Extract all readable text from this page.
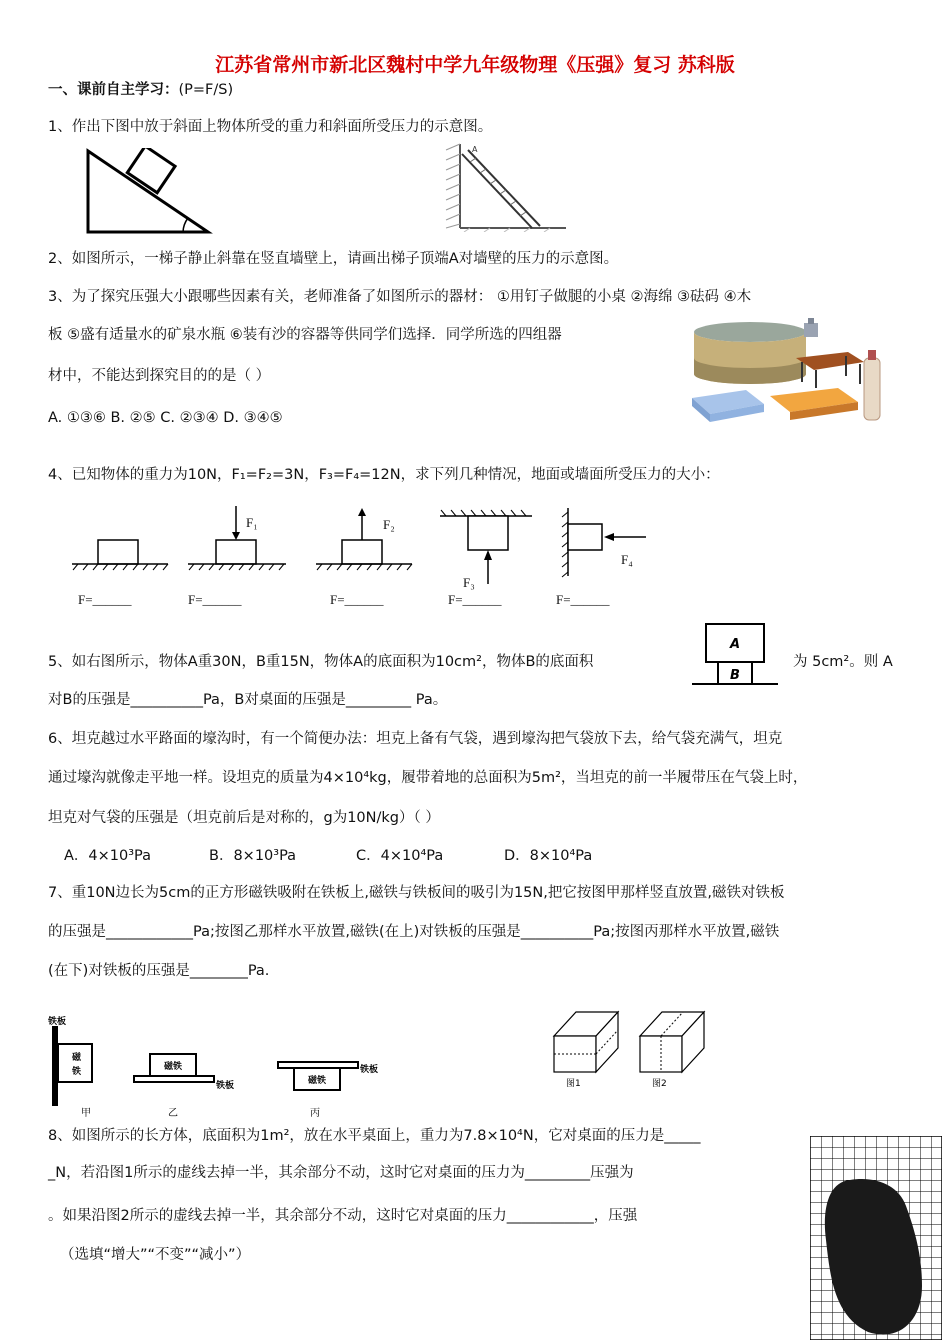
江苏省常州市新北区魏村中学九年级物理《压强》复习 苏科版
一、课前自主学习：(P=F/S)
1、作出下图中放于斜面上物体所受的重力和斜面所受压力的示意图。
A
2、如图所示，一梯子静止斜靠在竖直墙壁上，请画出梯子顶端A对墙壁的压力的示意图。
3、为了探究压强大小跟哪些因素有关，老师准备了如图所示的器材： ①用钉子做腿的小桌 ②海绵 ③砝码 ④木
板 ⑤盛有适量水的矿泉水瓶 ⑥装有沙的容器等供同学们选择．同学所选的四组器
材中，不能达到探究目的的是（ ）
A. ①③⑥ B. ②⑤ C. ②③④ D. ③④⑤
4、已知物体的重力为10N，F₁=F₂=3N，F₃=F₄=12N，求下列几种情况，地面或墙面所受压力的大小：
F₁	F₂
F₃
F₄
F=______	F=______	F=______	F=______	F=______
5、如右图所示，物体A重30N，B重15N，物体A的底面积为10cm²，物体B的底面积
A
B
为 5cm²。则 A
对B的压强是__________Pa，B对桌面的压强是_________ Pa。
6、坦克越过水平路面的壕沟时，有一个简便办法：坦克上备有气袋，遇到壕沟把气袋放下去，给气袋充满气，坦克
通过壕沟就像走平地一样。设坦克的质量为4×10⁴kg，履带着地的总面积为5m²，当坦克的前一半履带压在气袋上时，
坦克对气袋的压强是（坦克前后是对称的，g为10N/kg）（ ）
A．4×10³Pa	B．8×10³Pa	C．4×10⁴Pa	D．8×10⁴Pa
7、重10N边长为5cm的正方形磁铁吸附在铁板上,磁铁与铁板间的吸引为15N,把它按图甲那样竖直放置,磁铁对铁板
的压强是____________Pa;按图乙那样水平放置,磁铁(在上)对铁板的压强是__________Pa;按图丙那样水平放置,磁铁
(在下)对铁板的压强是________Pa.
铁板
磁
铁
甲
磁铁
铁板
乙
磁铁
铁板
丙
图1	图2
8、如图所示的长方体，底面积为1m²，放在水平桌面上，重力为7.8×10⁴N，它对桌面的压力是_____
_N，若沿图1所示的虚线去掉一半，其余部分不动，这时它对桌面的压力为_________压强为
。如果沿图2所示的虚线去掉一半，其余部分不动，这时它对桌面的压力____________，压强
（选填“增大”“不变”“减小”）
